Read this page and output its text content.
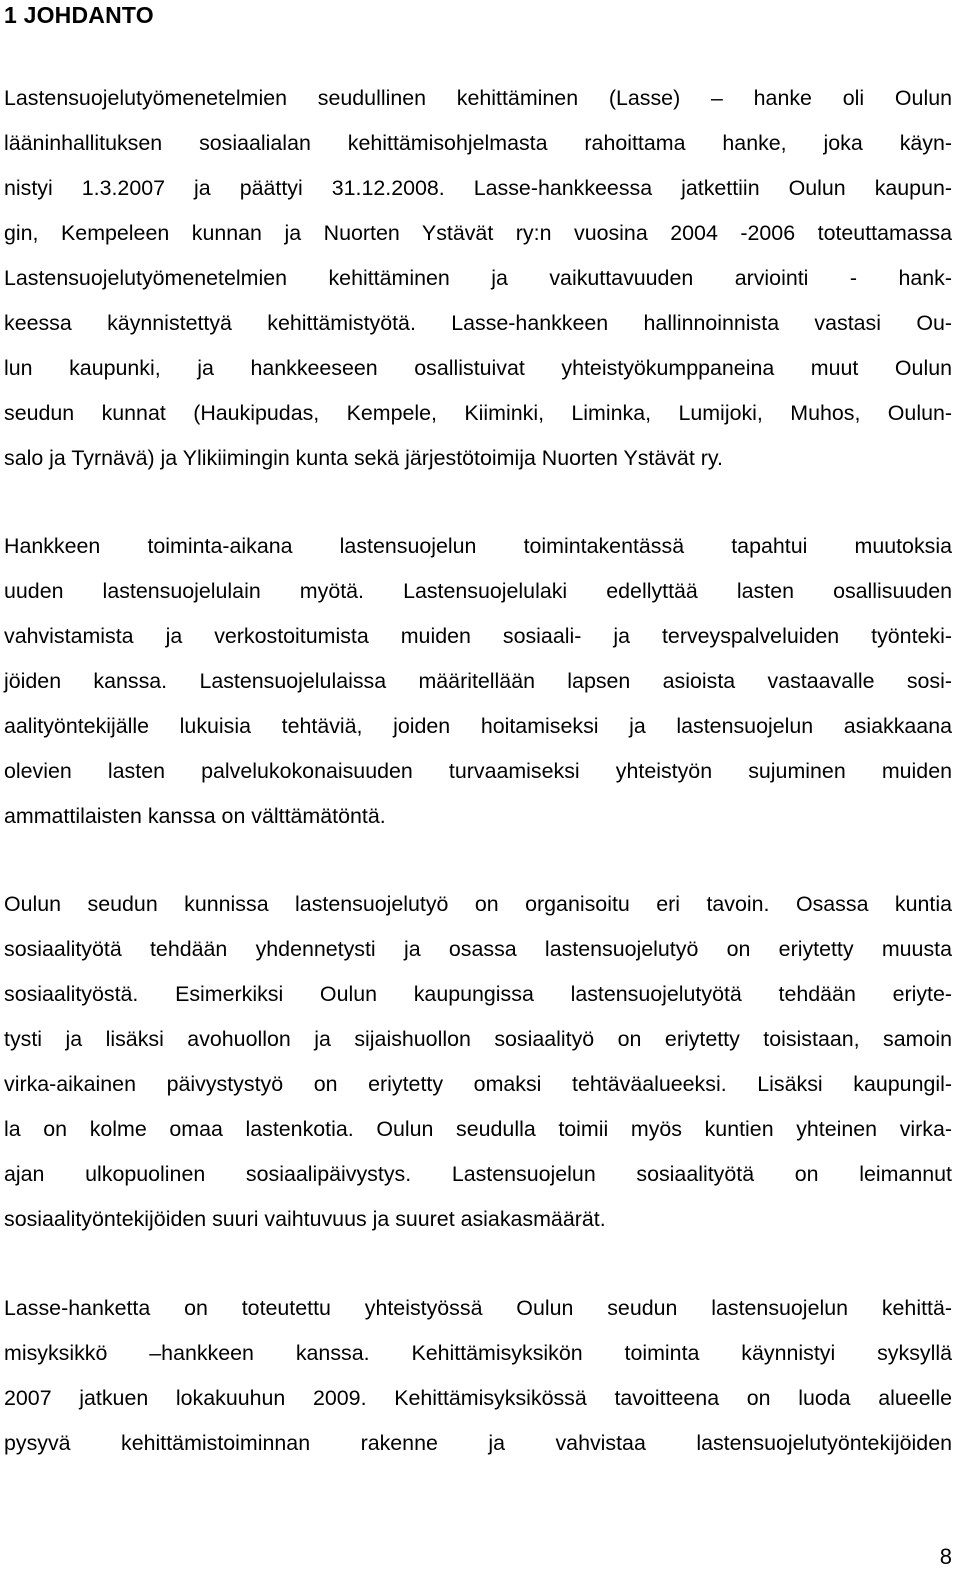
1 JOHDANTO
Lastensuojelutyömenetelmien seudullinen kehittäminen (Lasse) – hanke oli Oulun
lääninhallituksen sosiaalialan kehittämisohjelmasta rahoittama hanke, joka käyn-
nistyi 1.3.2007 ja päättyi 31.12.2008. Lasse-hankkeessa jatkettiin Oulun kaupun-
gin, Kempeleen kunnan ja Nuorten Ystävät ry:n vuosina 2004 -2006 toteuttamassa
Lastensuojelutyömenetelmien kehittäminen ja vaikuttavuuden arviointi - hank-
keessa käynnistettyä kehittämistyötä. Lasse-hankkeen hallinnoinnista vastasi Ou-
lun kaupunki, ja hankkeeseen osallistuivat yhteistyökumppaneina muut Oulun
seudun kunnat (Haukipudas, Kempele, Kiiminki, Liminka, Lumijoki, Muhos, Oulun-
salo ja Tyrnävä) ja Ylikiimingin kunta sekä järjestötoimija Nuorten Ystävät ry.
Hankkeen toiminta-aikana lastensuojelun toimintakentässä tapahtui muutoksia
uuden lastensuojelulain myötä. Lastensuojelulaki edellyttää lasten osallisuuden
vahvistamista ja verkostoitumista muiden sosiaali- ja terveyspalveluiden työnteki-
jöiden kanssa. Lastensuojelulaissa määritellään lapsen asioista vastaavalle sosi-
aalityöntekijälle lukuisia tehtäviä, joiden hoitamiseksi ja lastensuojelun asiakkaana
olevien lasten palvelukokonaisuuden turvaamiseksi yhteistyön sujuminen muiden
ammattilaisten kanssa on välttämätöntä.
Oulun seudun kunnissa lastensuojelutyö on organisoitu eri tavoin. Osassa kuntia
sosiaalityötä tehdään yhdennetysti ja osassa lastensuojelutyö on eriytetty muusta
sosiaalityöstä. Esimerkiksi Oulun kaupungissa lastensuojelutyötä tehdään eriyte-
tysti ja lisäksi avohuollon ja sijaishuollon sosiaalityö on eriytetty toisistaan, samoin
virka-aikainen päivystystyö on eriytetty omaksi tehtäväalueeksi. Lisäksi kaupungil-
la on kolme omaa lastenkotia. Oulun seudulla toimii myös kuntien yhteinen virka-
ajan ulkopuolinen sosiaalipäivystys. Lastensuojelun sosiaalityötä on leimannut
sosiaalityöntekijöiden suuri vaihtuvuus ja suuret asiakasmäärät.
Lasse-hanketta on toteutettu yhteistyössä Oulun seudun lastensuojelun kehittä-
misyksikkö –hankkeen kanssa. Kehittämisyksikön toiminta käynnistyi syksyllä
2007 jatkuen lokakuuhun 2009. Kehittämisyksikössä tavoitteena on luoda alueelle
pysyvä kehittämistoiminnan rakenne ja vahvistaa lastensuojelutyöntekijöiden
8
